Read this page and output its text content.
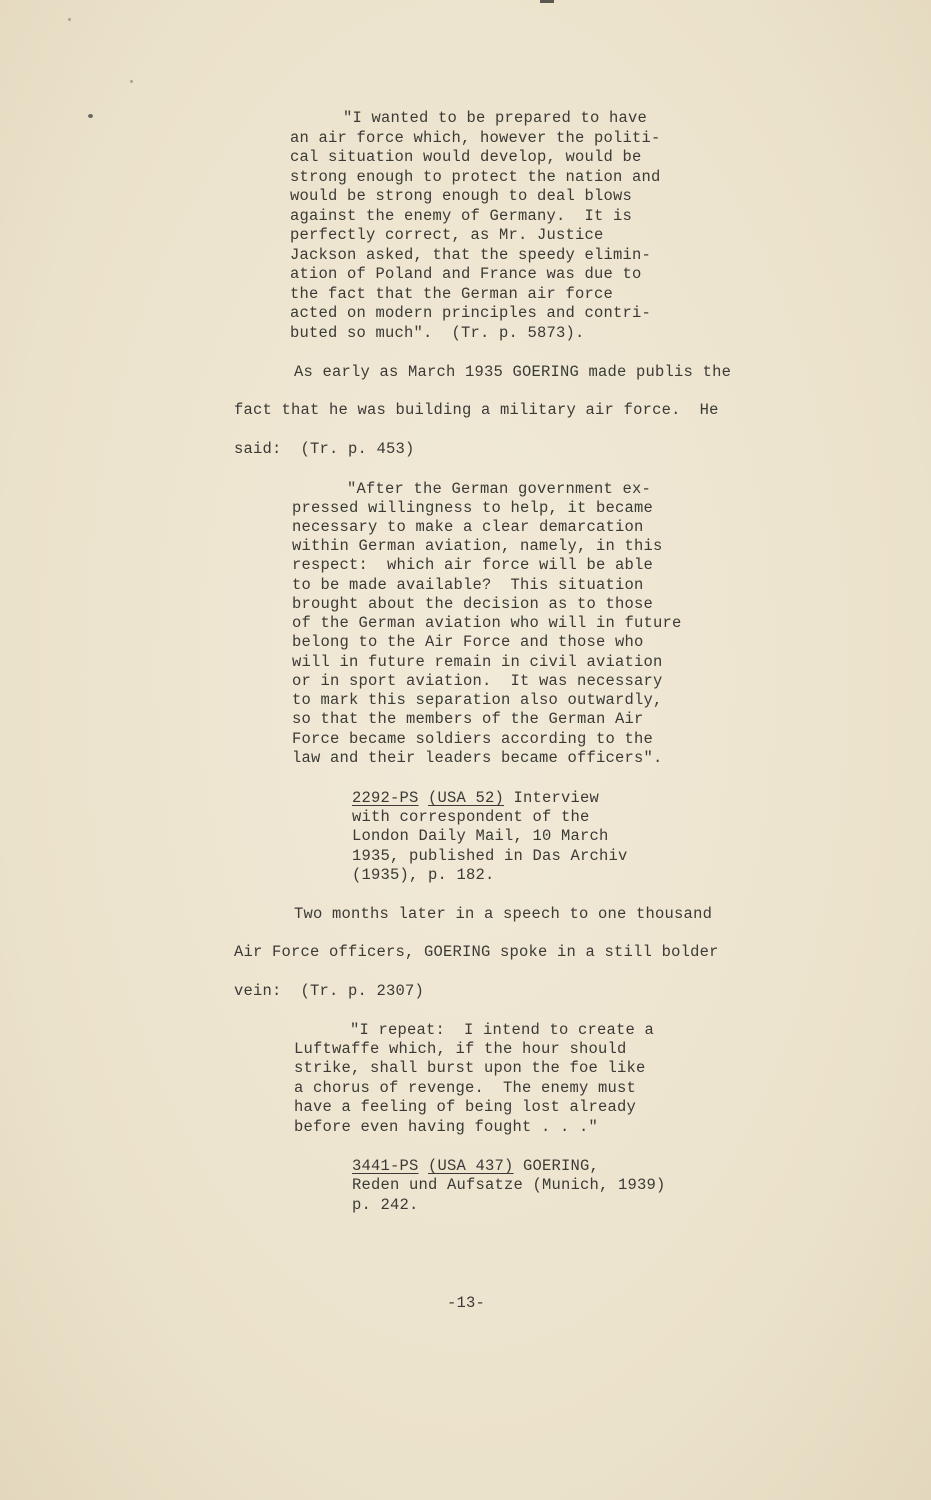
"I wanted to be prepared to have
an air force which, however the politi-
cal situation would develop, would be
strong enough to protect the nation and
would be strong enough to deal blows
against the enemy of Germany.  It is
perfectly correct, as Mr. Justice
Jackson asked, that the speedy elimin-
ation of Poland and France was due to
the fact that the German air force
acted on modern principles and contri-
buted so much".  (Tr. p. 5873).
As early as March 1935 GOERING made publis the
fact that he was building a military air force.  He
said:  (Tr. p. 453)
"After the German government ex-
pressed willingness to help, it became
necessary to make a clear demarcation
within German aviation, namely, in this
respect:  which air force will be able
to be made available?  This situation
brought about the decision as to those
of the German aviation who will in future
belong to the Air Force and those who
will in future remain in civil aviation
or in sport aviation.  It was necessary
to mark this separation also outwardly,
so that the members of the German Air
Force became soldiers according to the
law and their leaders became officers".
2292-PS (USA 52) Interview
with correspondent of the
London Daily Mail, 10 March
1935, published in Das Archiv
(1935), p. 182.
Two months later in a speech to one thousand
Air Force officers, GOERING spoke in a still bolder
vein:  (Tr. p. 2307)
"I repeat:  I intend to create a
Luftwaffe which, if the hour should
strike, shall burst upon the foe like
a chorus of revenge.  The enemy must
have a feeling of being lost already
before even having fought . . ."
3441-PS (USA 437) GOERING,
Reden und Aufsatze (Munich, 1939)
p. 242.
-13-
